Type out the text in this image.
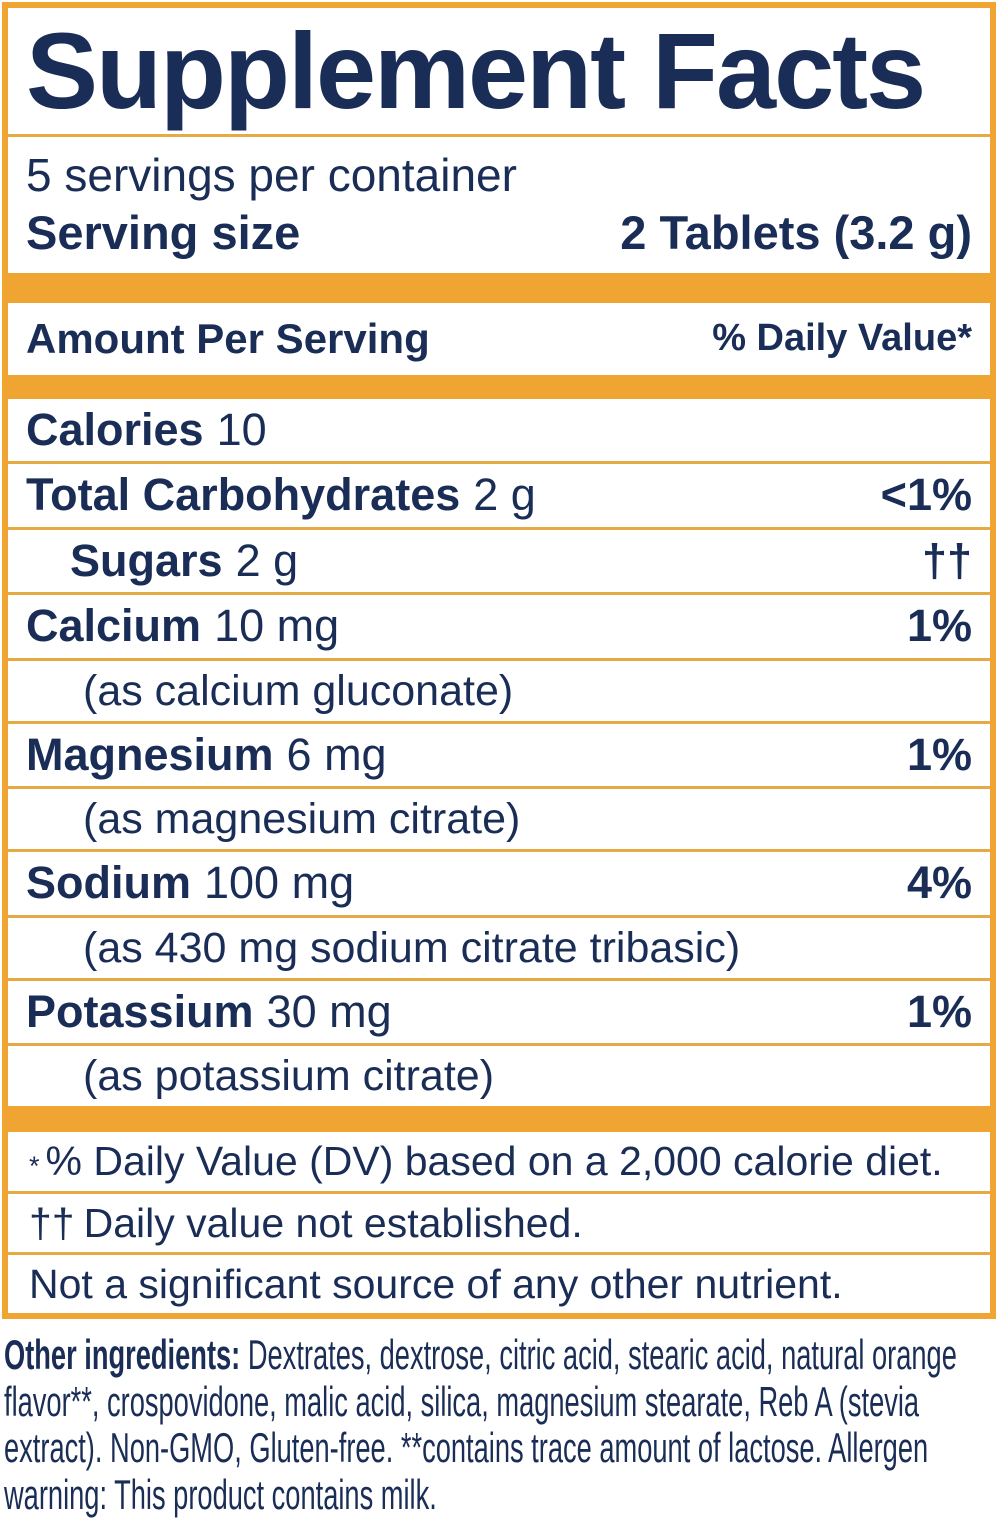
Supplement Facts
5 servings per container
Serving size	2 Tablets (3.2 g)
Amount Per Serving	% Daily Value*
Calories 10
Total Carbohydrates 2 g	<1%
Sugars 2 g	††
Calcium 10 mg	1%
(as calcium gluconate)
Magnesium 6 mg	1%
(as magnesium citrate)
Sodium 100 mg	4%
(as 430 mg sodium citrate tribasic)
Potassium 30 mg	1%
(as potassium citrate)
* % Daily Value (DV) based on a 2,000 calorie diet.
†† Daily value not established.
Not a significant source of any other nutrient.

Other ingredients: Dextrates, dextrose, citric acid, stearic acid, natural orange flavor**, crospovidone, malic acid, silica, magnesium stearate, Reb A (stevia extract). Non-GMO, Gluten-free. **contains trace amount of lactose. Allergen warning: This product contains milk.
